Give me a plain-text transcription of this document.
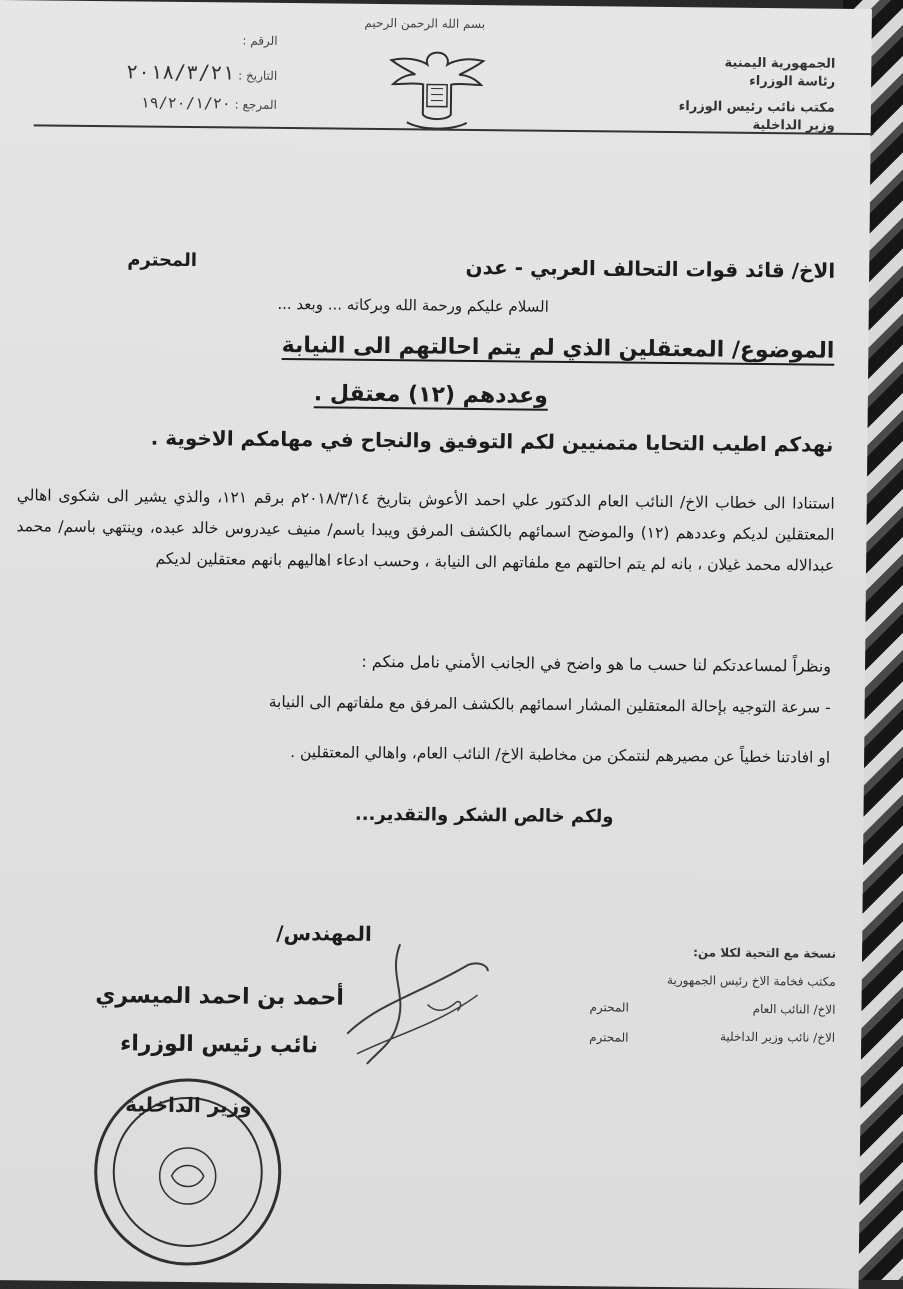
بسم الله الرحمن الرحيم
الجمهورية اليمنية
رئاسة الوزراء
مكتب نائب رئيس الوزراء
وزير الداخلية
الرقم :
التاريخ : ٢٠١٨/٣/٢١
المرجع : ١٩/٢٠/١/٢٠
الاخ/ قائد قوات التحالف العربي - عدن
المحترم
السلام عليكم ورحمة الله وبركاته ... وبعد ...
الموضوع/ المعتقلين الذي لم يتم احالتهم الى النيابة
وعددهم (١٢) معتقل .
نهدكم اطيب التحايا متمنيين لكم التوفيق والنجاح في مهامكم الاخوية .
استنادا الى خطاب الاخ/ النائب العام الدكتور علي احمد الأعوش بتاريخ ٢٠١٨/٣/١٤م برقم ١٢١، والذي يشير الى شكوى اهالي المعتقلين لديكم وعددهم (١٢) والموضح اسمائهم بالكشف المرفق ويبدا باسم/ منيف عيدروس خالد عبده، وينتهي باسم/ محمد عبدالاله محمد غيلان ، بانه لم يتم احالتهم مع ملفاتهم الى النيابة ، وحسب ادعاء اهاليهم بانهم معتقلين لديكم
ونظراً لمساعدتكم لنا حسب ما هو واضح في الجانب الأمني نامل منكم :
- سرعة التوجيه بإحالة المعتقلين المشار اسمائهم بالكشف المرفق مع ملفاتهم الى النيابة
او افادتنا خطياً عن مصيرهم لنتمكن من مخاطبة الاخ/ النائب العام، واهالي المعتقلين .
ولكم خالص الشكر والتقدير...
المهندس/
أحمد بن احمد الميسري
نائب رئيس الوزراء
وزير الداخلية
نسخة مع التحية لكلا من:
مكتب فخامة الاخ رئيس الجمهورية
الاخ/ النائب العام
المحترم
الاخ/ نائب وزير الداخلية
المحترم
